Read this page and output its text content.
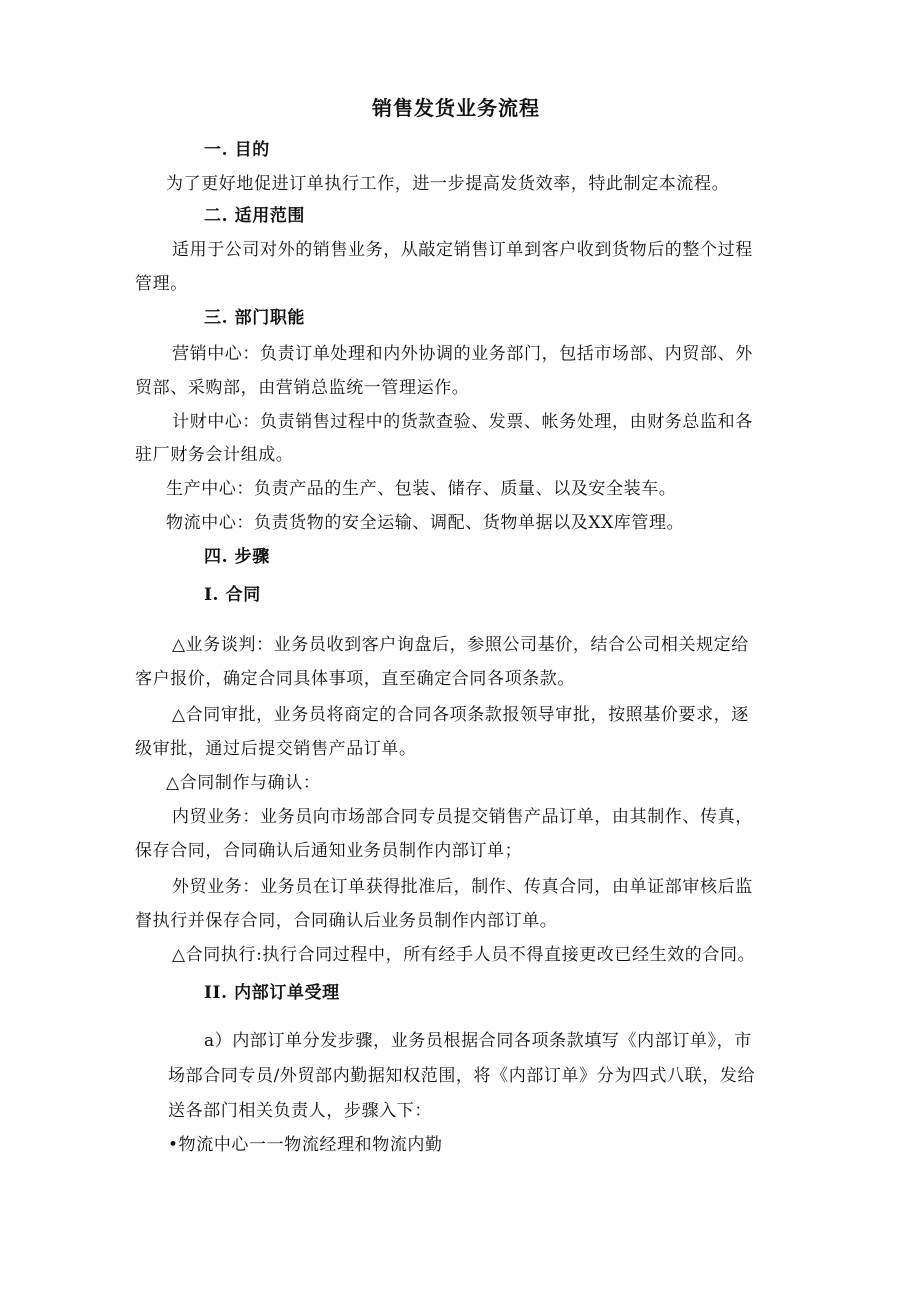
销售发货业务流程
一. 目的
为了更好地促进订单执行工作，进一步提高发货效率，特此制定本流程。
二. 适用范围
适用于公司对外的销售业务，从敲定销售订单到客户收到货物后的整个过程
管理。
三. 部门职能
营销中心：负责订单处理和内外协调的业务部门，包括市场部、内贸部、外
贸部、采购部，由营销总监统一管理运作。
计财中心：负责销售过程中的货款查验、发票、帐务处理，由财务总监和各
驻厂财务会计组成。
生产中心：负责产品的生产、包装、储存、质量、以及安全装车。
物流中心：负责货物的安全运输、调配、货物单据以及XX库管理。
四. 步骤
I. 合同
△业务谈判：业务员收到客户询盘后，参照公司基价，结合公司相关规定给
客户报价，确定合同具体事项，直至确定合同各项条款。
△合同审批，业务员将商定的合同各项条款报领导审批，按照基价要求，逐
级审批，通过后提交销售产品订单。
△合同制作与确认：
内贸业务：业务员向市场部合同专员提交销售产品订单，由其制作、传真，
保存合同，合同确认后通知业务员制作内部订单；
外贸业务：业务员在订单获得批准后，制作、传真合同，由单证部审核后监
督执行并保存合同，合同确认后业务员制作内部订单。
△合同执行:执行合同过程中，所有经手人员不得直接更改已经生效的合同。
II. 内部订单受理
a）内部订单分发步骤，业务员根据合同各项条款填写《内部订单》，市
场部合同专员/外贸部内勤据知权范围，将《内部订单》分为四式八联，发给
送各部门相关负责人，步骤入下：
•物流中心一一物流经理和物流内勤
